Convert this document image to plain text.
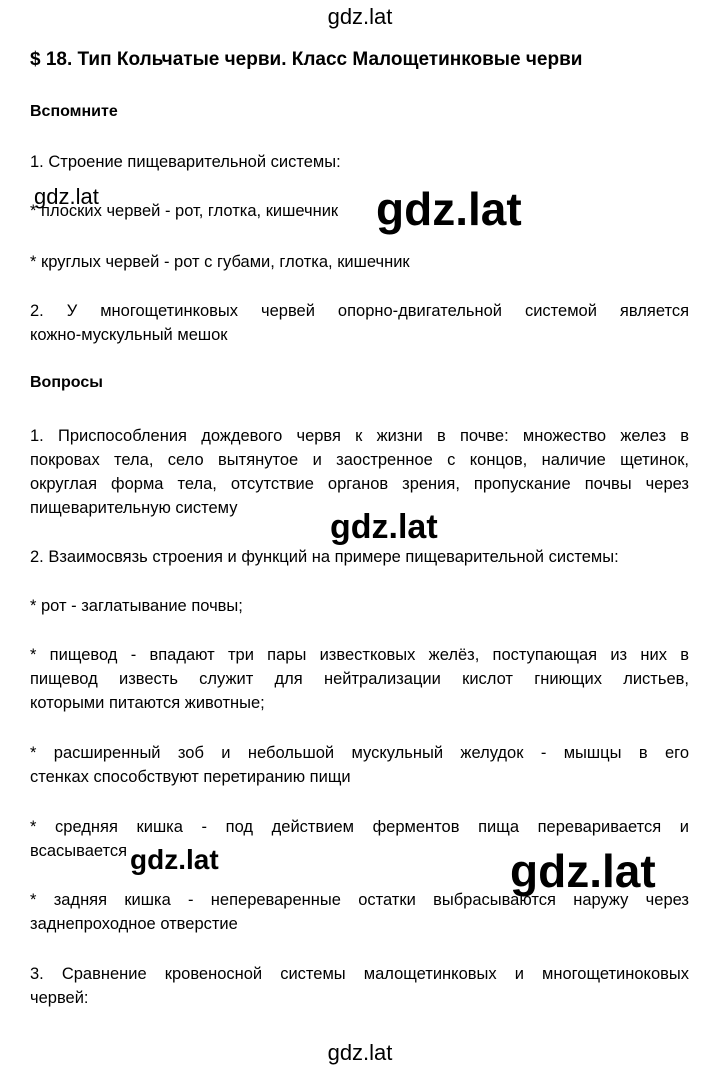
gdz.lat
$ 18. Тип Кольчатые черви. Класс Малощетинковые черви
Вспомните
1. Строение пищеварительной системы:
* плоских червей - рот, глотка, кишечник
* круглых червей - рот с губами, глотка, кишечник
2. У многощетинковых червей опорно-двигательной системой является
кожно-мускульный мешок
Вопросы
1. Приспособления дождевого червя к жизни в почве: множество желез в
покровах тела, село вытянутое и заостренное с концов, наличие щетинок,
округлая форма тела, отсутствие органов зрения, пропускание почвы через
пищеварительную систему
2. Взаимосвязь строения и функций на примере пищеварительной системы:
* рот - заглатывание почвы;
* пищевод - впадают три пары известковых желёз, поступающая из них в
пищевод известь служит для нейтрализации кислот гниющих листьев,
которыми питаются животные;
* расширенный зоб и небольшой мускульный желудок - мышцы в его
стенках способствуют перетиранию пищи
* средняя кишка - под действием ферментов пища переваривается и
всасывается
* задняя кишка - непереваренные остатки выбрасываются наружу через
заднепроходное отверстие
3. Сравнение кровеносной системы малощетинковых и многощетиноковых
червей:
gdz.lat	gdz.lat
gdz.lat
gdz.lat	gdz.lat
gdz.lat
